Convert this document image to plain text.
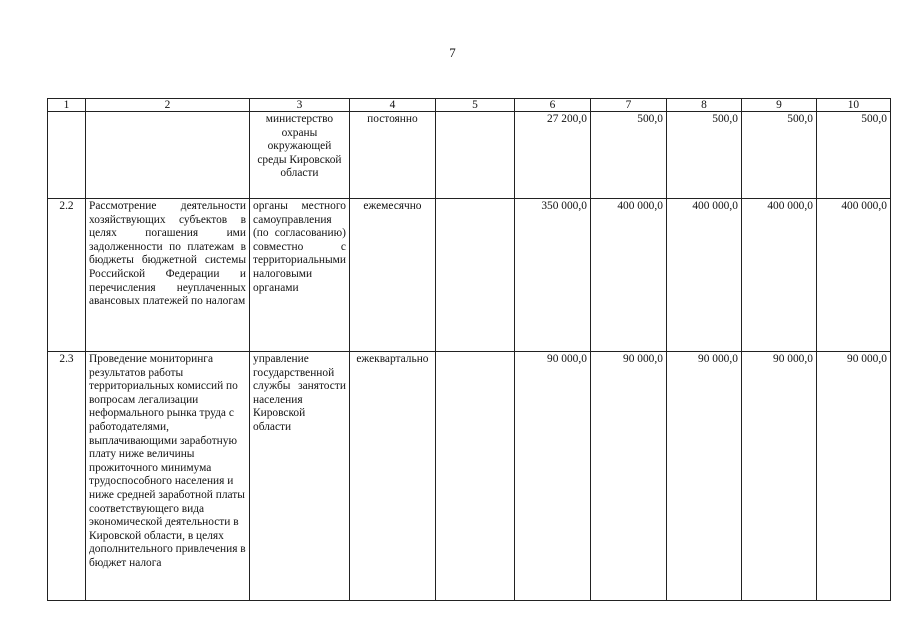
7
1	2	3	4	5	6	7	8	9	10
		министерство охраны окружающей среды Кировской области	постоянно		27 200,0	500,0	500,0	500,0	500,0
2.2	Рассмотрение деятельности хозяйствующих субъектов в целях погашения ими задолженности по платежам в бюджеты бюджетной системы Российской Федерации и перечисления неуплаченных авансовых платежей по налогам	органы местного самоуправления (по согласованию) совместно с территориальными налоговыми органами	ежемесячно		350 000,0	400 000,0	400 000,0	400 000,0	400 000,0
2.3	Проведение мониторинга результатов работы территориальных комиссий по вопросам легализации неформального рынка труда с работодателями, выплачивающими заработную плату ниже величины прожиточного минимума трудоспособного населения и ниже средней заработной платы соответствующего вида экономической деятельности в Кировской области, в целях дополнительного привлечения в бюджет налога	управление государственной службы занятости населения Кировской области	ежеквартально		90 000,0	90 000,0	90 000,0	90 000,0	90 000,0
